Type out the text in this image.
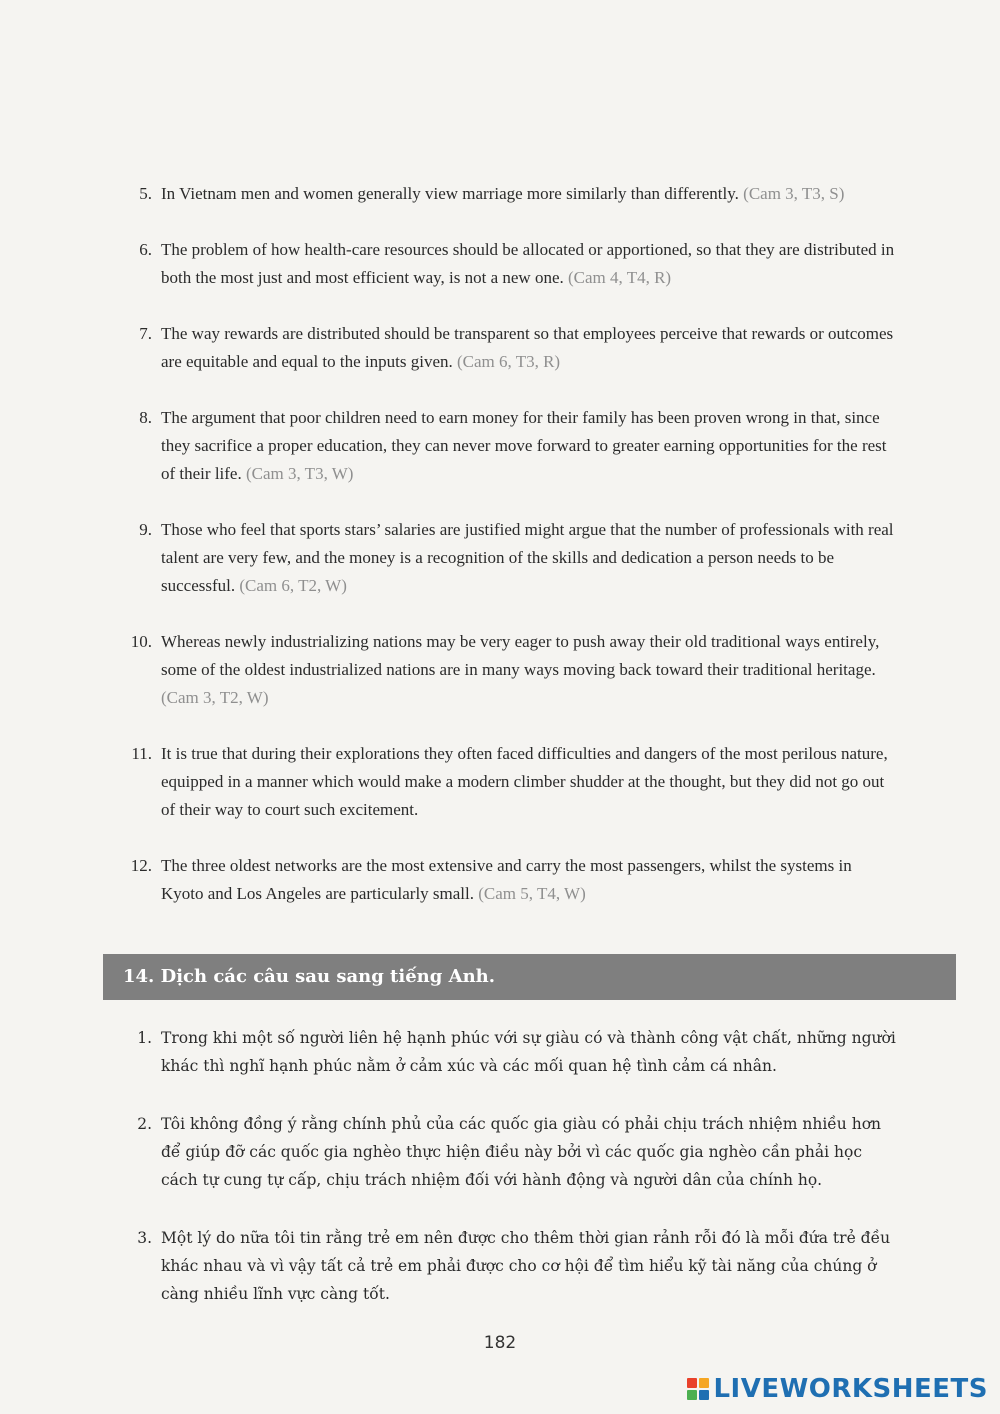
5. In Vietnam men and women generally view marriage more similarly than differently. (Cam 3, T3, S)
6. The problem of how health-care resources should be allocated or apportioned, so that they are distributed in both the most just and most efficient way, is not a new one. (Cam 4, T4, R)
7. The way rewards are distributed should be transparent so that employees perceive that rewards or outcomes are equitable and equal to the inputs given. (Cam 6, T3, R)
8. The argument that poor children need to earn money for their family has been proven wrong in that, since they sacrifice a proper education, they can never move forward to greater earning opportunities for the rest of their life. (Cam 3, T3, W)
9. Those who feel that sports stars’ salaries are justified might argue that the number of professionals with real talent are very few, and the money is a recognition of the skills and dedication a person needs to be successful. (Cam 6, T2, W)
10. Whereas newly industrializing nations may be very eager to push away their old traditional ways entirely, some of the oldest industrialized nations are in many ways moving back toward their traditional heritage. (Cam 3, T2, W)
11. It is true that during their explorations they often faced difficulties and dangers of the most perilous nature, equipped in a manner which would make a modern climber shudder at the thought, but they did not go out of their way to court such excitement.
12. The three oldest networks are the most extensive and carry the most passengers, whilst the systems in Kyoto and Los Angeles are particularly small. (Cam 5, T4, W)
14. Dịch các câu sau sang tiếng Anh.
1. Trong khi một số người liên hệ hạnh phúc với sự giàu có và thành công vật chất, những người khác thì nghĩ hạnh phúc nằm ở cảm xúc và các mối quan hệ tình cảm cá nhân.
2. Tôi không đồng ý rằng chính phủ của các quốc gia giàu có phải chịu trách nhiệm nhiều hơn để giúp đỡ các quốc gia nghèo thực hiện điều này bởi vì các quốc gia nghèo cần phải học cách tự cung tự cấp, chịu trách nhiệm đối với hành động và người dân của chính họ.
3. Một lý do nữa tôi tin rằng trẻ em nên được cho thêm thời gian rảnh rỗi đó là mỗi đứa trẻ đều khác nhau và vì vậy tất cả trẻ em phải được cho cơ hội để tìm hiểu kỹ tài năng của chúng ở càng nhiều lĩnh vực càng tốt.
182
LIVEWORKSHEETS
